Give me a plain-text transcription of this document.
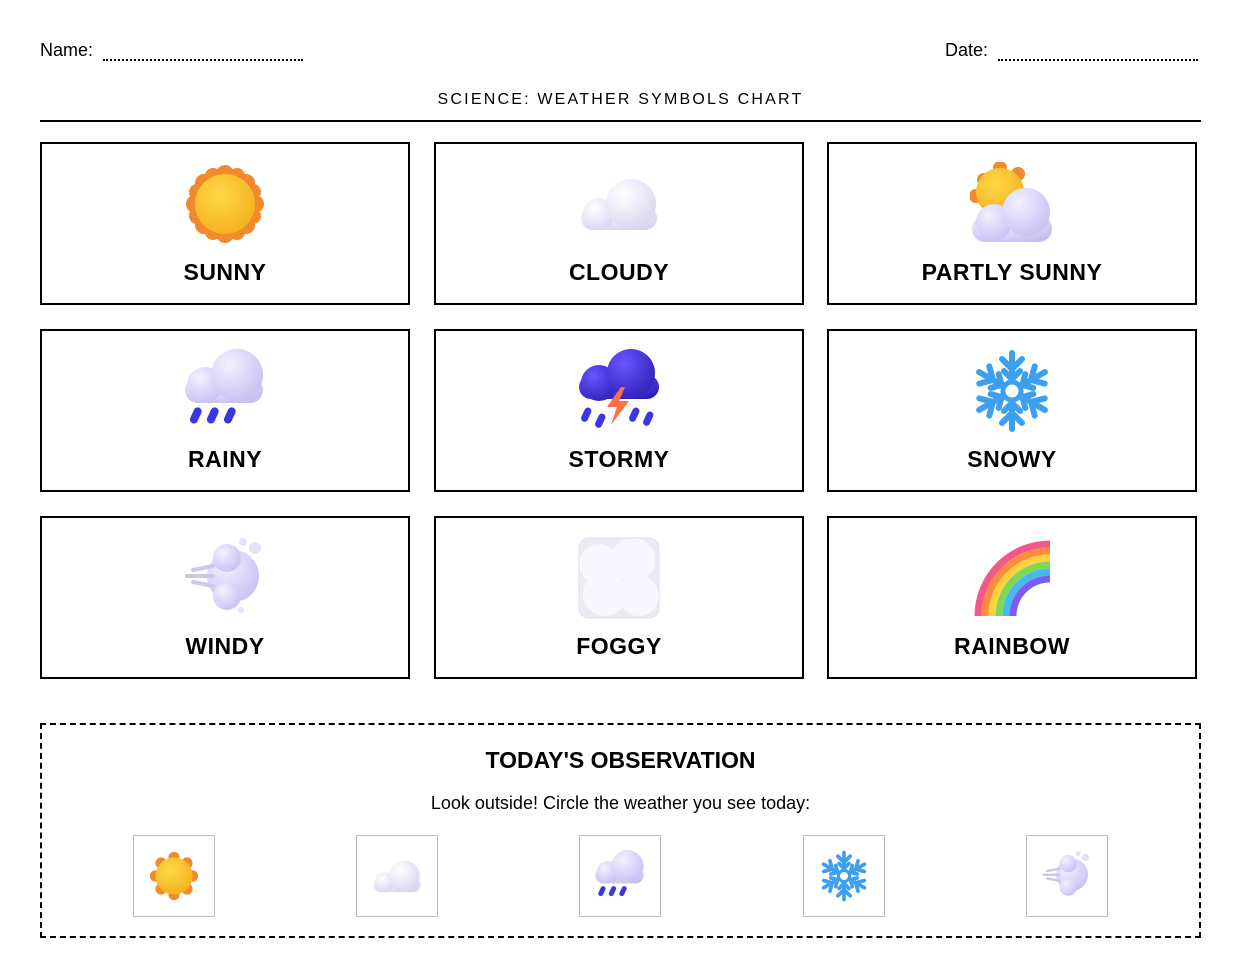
Name:	Date:
SCIENCE: WEATHER SYMBOLS CHART
SUNNY	CLOUDY	PARTLY SUNNY
RAINY	STORMY	SNOWY
WINDY	FOGGY	RAINBOW
TODAY'S OBSERVATION
Look outside! Circle the weather you see today:
